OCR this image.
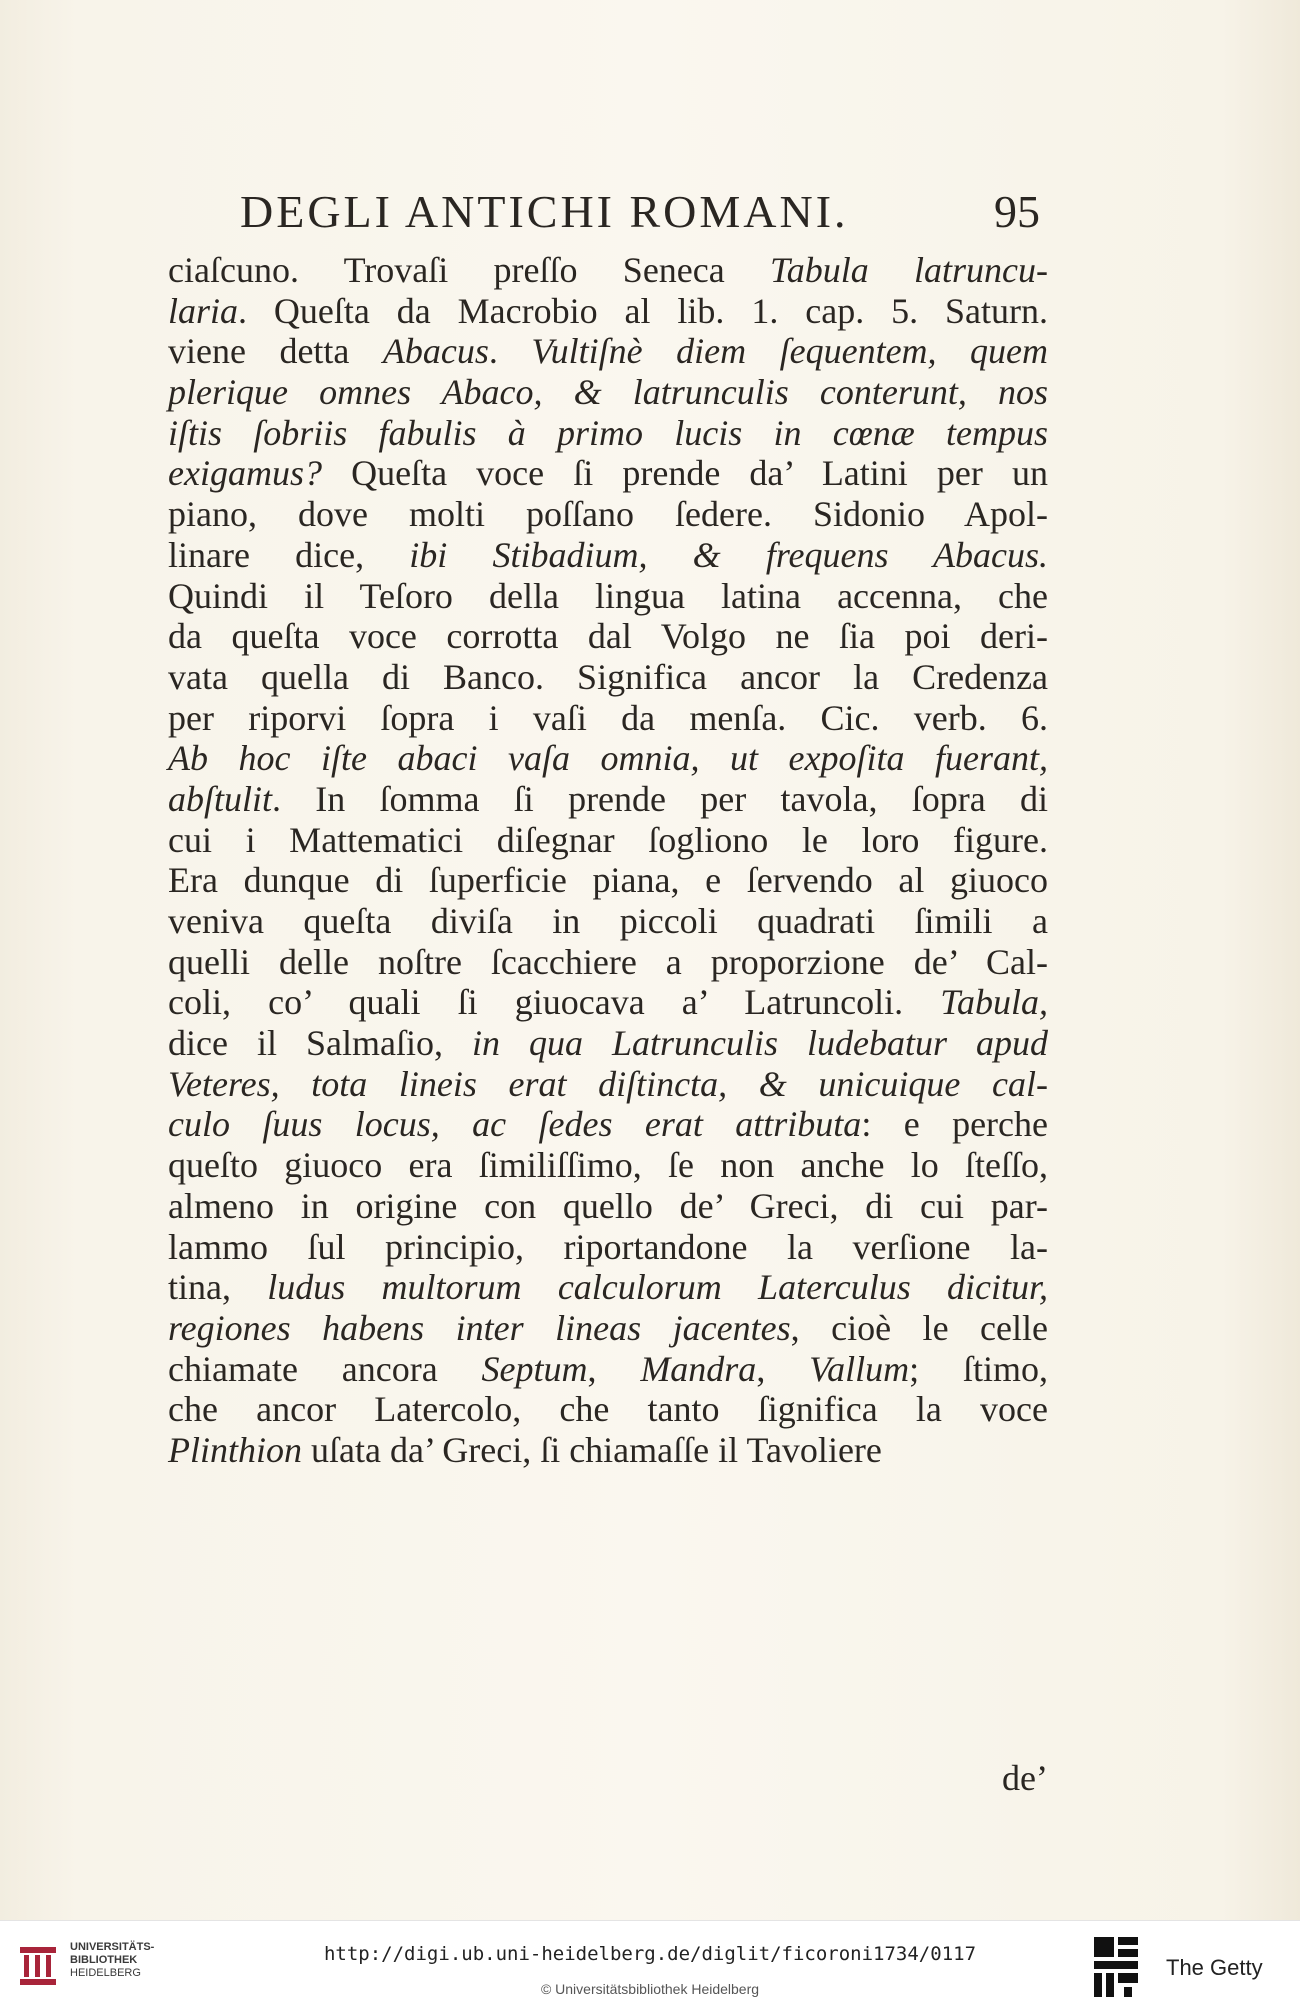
DEGLI ANTICHI ROMANI.	95
ciaſcuno. Trovaſi preſſo Seneca Tabula latruncu-
laria. Queſta da Macrobio al lib. 1. cap. 5. Saturn.
viene detta Abacus. Vultiſnè diem ſequentem, quem
plerique omnes Abaco, & latrunculis conterunt, nos
iſtis ſobriis fabulis à primo lucis in cœnæ tempus
exigamus? Queſta voce ſi prende da’ Latini per un
piano, dove molti poſſano ſedere. Sidonio Apol-
linare dice, ibi Stibadium, & frequens Abacus.
Quindi il Teſoro della lingua latina accenna, che
da queſta voce corrotta dal Volgo ne ſia poi deri-
vata quella di Banco. Significa ancor la Credenza
per riporvi ſopra i vaſi da menſa. Cic. verb. 6.
Ab hoc iſte abaci vaſa omnia, ut expoſita fuerant,
abſtulit. In ſomma ſi prende per tavola, ſopra di
cui i Mattematici diſegnar ſogliono le loro figure.
Era dunque di ſuperficie piana, e ſervendo al giuoco
veniva queſta diviſa in piccoli quadrati ſimili a
quelli delle noſtre ſcacchiere a proporzione de’ Cal-
coli, co’ quali ſi giuocava a’ Latruncoli. Tabula,
dice il Salmaſio, in qua Latrunculis ludebatur apud
Veteres, tota lineis erat diſtincta, & unicuique cal-
culo ſuus locus, ac ſedes erat attributa: e perche
queſto giuoco era ſimiliſſimo, ſe non anche lo ſteſſo,
almeno in origine con quello de’ Greci, di cui par-
lammo ſul principio, riportandone la verſione la-
tina, ludus multorum calculorum Laterculus dicitur,
regiones habens inter lineas jacentes, cioè le celle
chiamate ancora Septum, Mandra, Vallum; ſtimo,
che ancor Latercolo, che tanto ſignifica la voce
Plinthion uſata da’ Greci, ſi chiamaſſe il Tavoliere
de’
UNIVERSITÄTS-
BIBLIOTHEK
HEIDELBERG
http://digi.ub.uni-heidelberg.de/diglit/ficoroni1734/0117
© Universitätsbibliothek Heidelberg
The Getty
